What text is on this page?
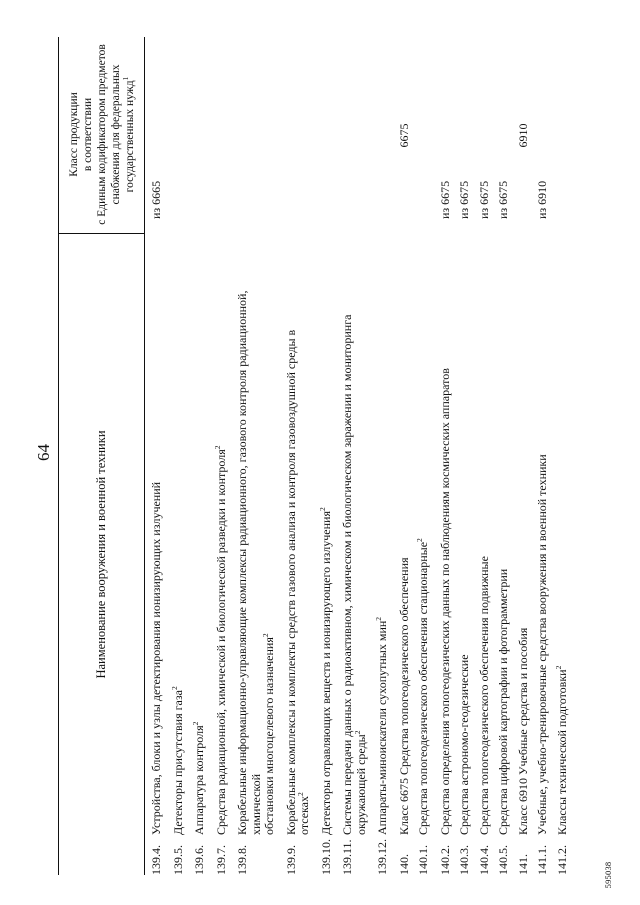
64	Наименование вооружения и военной техники
Класс продукции в соответствии с Единым кодификатором предметов снабжения для федеральных государственных нужд$^1$
139.4.
Устройства, блоки и узлы детектирования ионизирующих излучений
из 6665
139.5.
Детекторы присутствия газа$^2$
139.6.
Аппаратура контроля$^2$
139.7.
Средства радиационной, химической и биологической разведки и контроля$^2$
139.8.
Корабельные информационно-управляющие комплексы радиационного, газового контроля радиационной, химической обстановки многоцелевого назначения$^2$
139.9.
Корабельные комплексы и комплекты средств газового анализа и контроля газовоздушной среды в отсеках$^2$
139.10.
Детекторы отравляющих веществ и ионизирующего излучения$^2$
139.11.
Системы передачи данных о радиоактивном, химическом и биологическом заражении и мониторинга окружающей среды$^2$
139.12.
Аппараты-миноискатели сухопутных мин$^2$
140.
Класс 6675 Средства топогеодезического обеспечения
6675
140.1.
Средства топогеодезического обеспечения стационарные$^2$
140.2.
Средства определения топогеодезических данных по наблюдениям космических аппаратов
из 6675
140.3.
Средства астрономо-геодезические
из 6675
140.4.
Средства топогеодезического обеспечения подвижные
из 6675
140.5.
Средства цифровой картографии и фотограмметрии
из 6675
141.
Класс 6910 Учебные средства и пособия
6910
141.1.
Учебные, учебно-тренировочные средства вооружения и военной техники
из 6910
141.2.
Классы технической подготовки$^2$
595038
